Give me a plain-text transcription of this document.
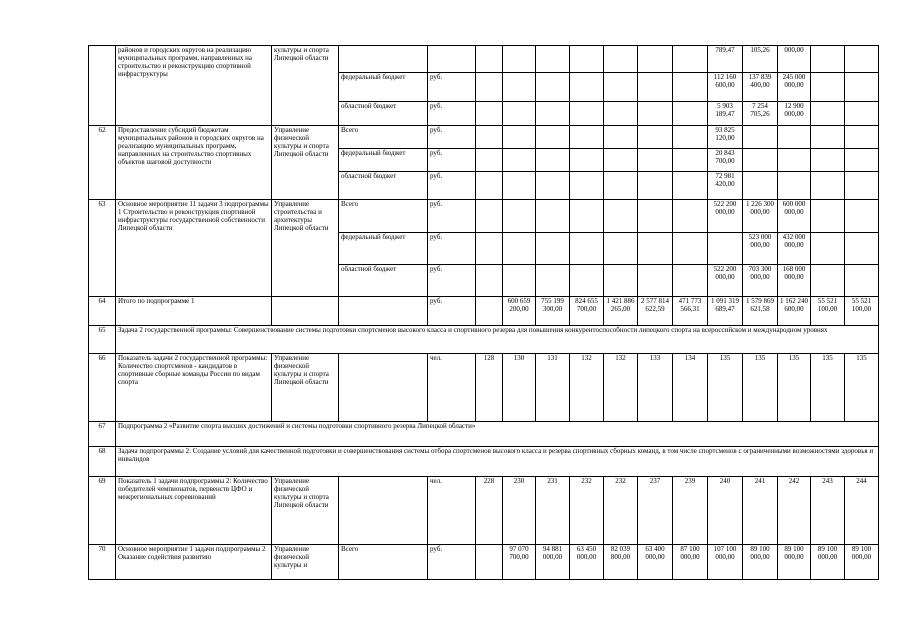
	районов и городских округов на реализацию муниципальных программ, направленных на строительство и реконструкцию спортивной инфраструктуры	культуры и спорта Липецкой области										789,47	105,26	000,00		
			федеральный бюджет	руб.								112 160 600,00	137 839 400,00	245 000 000,00		
			областной бюджет	руб.								5 903 189,47	7 254 705,26	12 900 000,00		
62	Предоставление субсидий бюджетам муниципальных районов и городских округов на реализацию муниципальных программ, направленных на строительство спортивных объектов шаговой доступности	Управление физической культуры и спорта Липецкой области	Всего	руб.								93 825 120,00				
			федеральный бюджет	руб.								20 843 700,00				
			областной бюджет	руб.								72 981 420,00				
63	Основное мероприятие 11 задачи 3 подпрограммы 1 Строительство и реконструкция спортивной инфраструктуры государственной собственности Липецкой области	Управление строительства и архитектуры Липецкой области	Всего	руб.								522 200 000,00	1 226 300 000,00	600 000 000,00		
			федеральный бюджет	руб.									523 000 000,00	432 000 000,00		
			областной бюджет	руб.								522 200 000,00	703 300 000,00	168 000 000,00		
64	Итого по подпрограмме 1			руб.		600 659 200,00	755 199 300,00	824 655 700,00	1 421 886 265,00	2 577 814 622,59	471 773 566,31	1 091 319 689,47	1 579 869 621,58	1 162 240 600,00	55 521 100,00	55 521 100,00
65	Задача 2 государственной программы: Совершенствование системы подготовки спортсменов высокого класса и спортивного резерва для повышения конкурентоспособности липецкого спорта на всероссийском и международном уровнях															
66	Показатель задачи 2 государственной программы: Количество спортсменов - кандидатов в спортивные сборные команды России по видам спорта	Управление физической культуры и спорта Липецкой области		чел.	128	130	131	132	132	133	134	135	135	135	135	135
67	Подпрограмма 2 «Развитие спорта высших достижений и системы подготовки спортивного резерва Липецкой области»															
68	Задача подпрограммы 2: Создание условий для качественной подготовки и совершенствования системы отбора спортсменов высокого класса и резерва спортивных сборных команд, в том числе спортсменов с ограниченными возможностями здоровья и инвалидов															
69	Показатель 1 задачи подпрограммы 2: Количество победителей чемпионатов, первенств ЦФО и межрегиональных соревнований	Управление физической культуры и спорта Липецкой области		чел.	228	230	231	232	232	237	239	240	241	242	243	244
70	Основное мероприятие 1 задачи подпрограммы 2 Оказание содействия развитию	Управление физической культуры и	Всего	руб.		97 070 700,00	94 881 000,00	63 450 000,00	82 039 800,00	63 400 000,00	87 100 000,00	107 100 000,00	89 100 000,00	89 100 000,00	89 100 000,00	89 100 000,00
